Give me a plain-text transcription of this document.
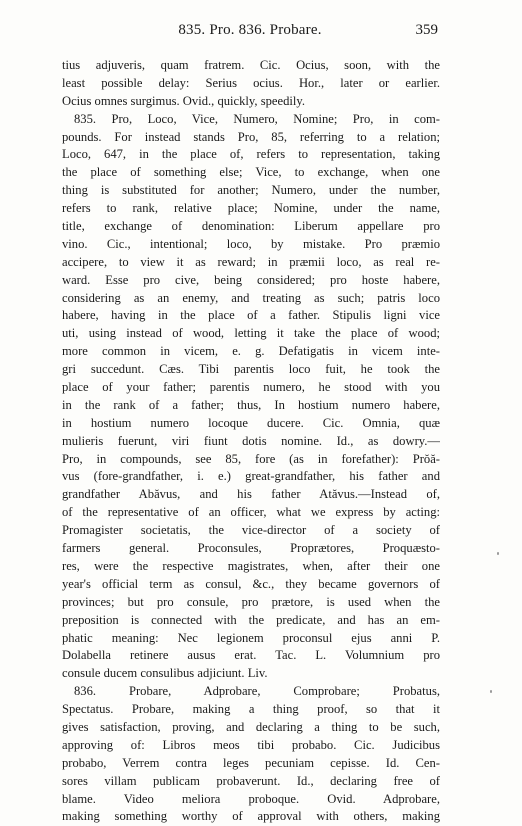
835. Pro. 836. Probare.	359
tius adjuveris, quam fratrem. Cic. Ocius, soon, with the
least possible delay: Serius ocius. Hor., later or earlier.
Ocius omnes surgimus. Ovid., quickly, speedily.
835. Pro, Loco, Vice, Numero, Nomine; Pro, in com-
pounds. For instead stands Pro, 85, referring to a relation;
Loco, 647, in the place of, refers to representation, taking
the place of something else; Vice, to exchange, when one
thing is substituted for another; Numero, under the number,
refers to rank, relative place; Nomine, under the name,
title, exchange of denomination: Liberum appellare pro
vino. Cic., intentional; loco, by mistake. Pro præmio
accipere, to view it as reward; in præmii loco, as real re-
ward. Esse pro cive, being considered; pro hoste habere,
considering as an enemy, and treating as such; patris loco
habere, having in the place of a father. Stipulis ligni vice
uti, using instead of wood, letting it take the place of wood;
more common in vicem, e. g. Defatigatis in vicem inte-
gri succedunt. Cæs. Tibi parentis loco fuit, he took the
place of your father; parentis numero, he stood with you
in the rank of a father; thus, In hostium numero habere,
in hostium numero locoque ducere. Cic. Omnia, quæ
mulieris fuerunt, viri fiunt dotis nomine. Id., as dowry.—
Pro, in compounds, see 85, fore (as in forefather): Prŏă-
vus (fore-grandfather, i. e.) great-grandfather, his father and
grandfather Abăvus, and his father Atăvus.—Instead of,
of the representative of an officer, what we express by acting:
Promagister societatis, the vice-director of a society of
farmers general. Proconsules, Proprætores, Proquæsto-
res, were the respective magistrates, when, after their one
year's official term as consul, &c., they became governors of
provinces; but pro consule, pro prætore, is used when the
preposition is connected with the predicate, and has an em-
phatic meaning: Nec legionem proconsul ejus anni P.
Dolabella retinere ausus erat. Tac. L. Volumnium pro
consule ducem consulibus adjiciunt. Liv.
836. Probare, Adprobare, Comprobare; Probatus,
Spectatus. Probare, making a thing proof, so that it
gives satisfaction, proving, and declaring a thing to be such,
approving of: Libros meos tibi probabo. Cic. Judicibus
probabo, Verrem contra leges pecuniam cepisse. Id. Cen-
sores villam publicam probaverunt. Id., declaring free of
blame. Video meliora proboque. Ovid. Adprobare,
making something worthy of approval with others, making
